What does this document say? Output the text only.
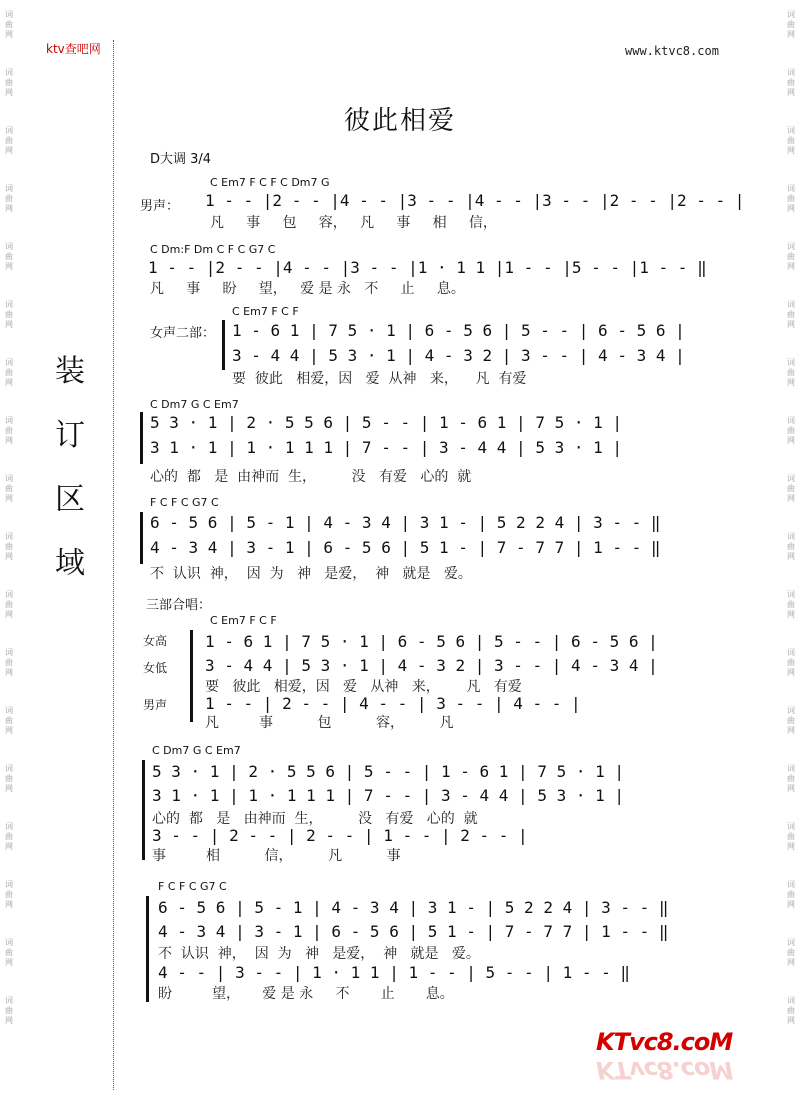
词
曲
网
词
曲
网
词
曲
网
词
曲
网
词
曲
网
词
曲
网
词
曲
网
词
曲
网
词
曲
网
词
曲
网
词
曲
网
词
曲
网
词
曲
网
词
曲
网
词
曲
网
词
曲
网
词
曲
网
词
曲
网
词
曲
网
词
曲
网
词
曲
网
词
曲
网
词
曲
网
词
曲
网
词
曲
网
词
曲
网
词
曲
网
词
曲
网
词
曲
网
词
曲
网
词
曲
网
词
曲
网
词
曲
网
词
曲
网
词
曲
网
词
曲
网
装
订
区
域
ktv查吧网	www.ktvc8.com
彼此相爱
D大调 3/4
男声：
C Em7 F C F C Dm7 G
1 - - |2 - - |4 - - |3 - - |4 - - |3 - - |2 - - |2 - - |
凡     事     包     容，   凡     事     相     信，
C Dm:F Dm C F C G7 C
1 - - |2 - - |4 - - |3 - - |1 · 1 1 |1 - - |5 - - |1 - - ‖
凡     事     盼     望，   爱 是 永   不     止     息。
女声二部：
C Em7 F C F
1 - 6 1 | 7 5 · 1 | 6 - 5 6 | 5 - - | 6 - 5 6 |
3 - 4 4 | 5 3 · 1 | 4 - 3 2 | 3 - - | 4 - 3 4 |
要  彼此   相爱，因   爱  从神   来，    凡  有爱
C Dm7 G C Em7
5 3 · 1 | 2 · 5 5 6 | 5 - - | 1 - 6 1 | 7 5 · 1 |
3 1 · 1 | 1 · 1 1 1 | 7 - - | 3 - 4 4 | 5 3 · 1 |
心的  都   是  由神而  生，        没   有爱   心的  就
F C F C G7 C
6 - 5 6 | 5 - 1 | 4 - 3 4 | 3 1 - | 5 2 2 4 | 3 - - ‖
4 - 3 4 | 3 - 1 | 6 - 5 6 | 5 1 - | 7 - 7 7 | 1 - - ‖
不  认识  神，  因  为   神   是爱，  神   就是   爱。
三部合唱：
女高
女低
男声
C Em7 F C F
1 - 6 1 | 7 5 · 1 | 6 - 5 6 | 5 - - | 6 - 5 6 |
3 - 4 4 | 5 3 · 1 | 4 - 3 2 | 3 - - | 4 - 3 4 |
要   彼此   相爱，因   爱   从神   来，      凡   有爱
1 - - | 2 - - | 4 - - | 3 - - | 4 - - |
凡         事          包          容，        凡
C Dm7 G C Em7
5 3 · 1 | 2 · 5 5 6 | 5 - - | 1 - 6 1 | 7 5 · 1 |
3 1 · 1 | 1 · 1 1 1 | 7 - - | 3 - 4 4 | 5 3 · 1 |
心的  都   是   由神而  生，        没   有爱   心的  就
3 - - | 2 - - | 2 - - | 1 - - | 2 - - |
事         相          信，        凡          事
F C F C G7 C
6 - 5 6 | 5 - 1 | 4 - 3 4 | 3 1 - | 5 2 2 4 | 3 - - ‖
4 - 3 4 | 3 - 1 | 6 - 5 6 | 5 1 - | 7 - 7 7 | 1 - - ‖
不  认识  神，  因  为   神   是爱，  神   就是   爱。
4 - - | 3 - - | 1 · 1 1 | 1 - - | 5 - - | 1 - - ‖
盼         望，     爱 是 永     不       止       息。
KTvc8.coM
KTvc8.coM
